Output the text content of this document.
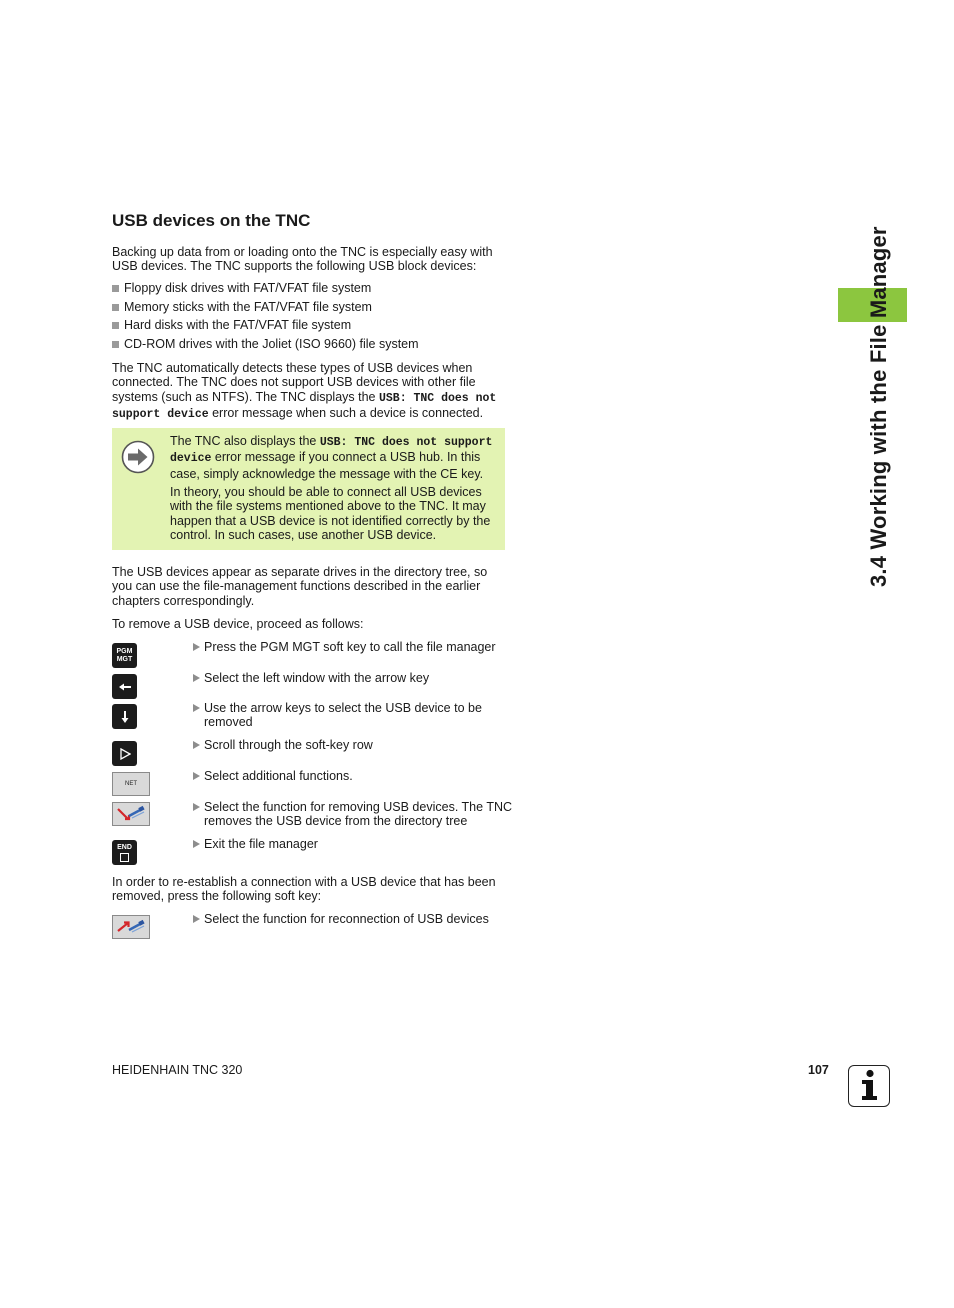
USB devices on the TNC

Backing up data from or loading onto the TNC is especially easy with USB devices. The TNC supports the following USB block devices:

Floppy disk drives with FAT/VFAT file system
Memory sticks with the FAT/VFAT file system
Hard disks with the FAT/VFAT file system
CD-ROM drives with the Joliet (ISO 9660) file system

The TNC automatically detects these types of USB devices when connected. The TNC does not support USB devices with other file systems (such as NTFS). The TNC displays the USB: TNC does not support device error message when such a device is connected.

The TNC also displays the USB: TNC does not support device error message if you connect a USB hub. In this case, simply acknowledge the message with the CE key.

In theory, you should be able to connect all USB devices with the file systems mentioned above to the TNC. It may happen that a USB device is not identified correctly by the control. In such cases, use another USB device.

The USB devices appear as separate drives in the directory tree, so you can use the file-management functions described in the earlier chapters correspondingly.

To remove a USB device, proceed as follows:

PGM
MGT

Press the PGM MGT soft key to call the file manager

Select the left window with the arrow key

Use the arrow keys to select the USB device to be removed

Scroll through the soft-key row

NET

Select additional functions.

Select the function for removing USB devices. The TNC removes the USB device from the directory tree

END	Exit the file manager

In order to re-establish a connection with a USB device that has been removed, press the following soft key:

Select the function for reconnection of USB devices

3.4 Working with the File Manager
HEIDENHAIN TNC 320	107
